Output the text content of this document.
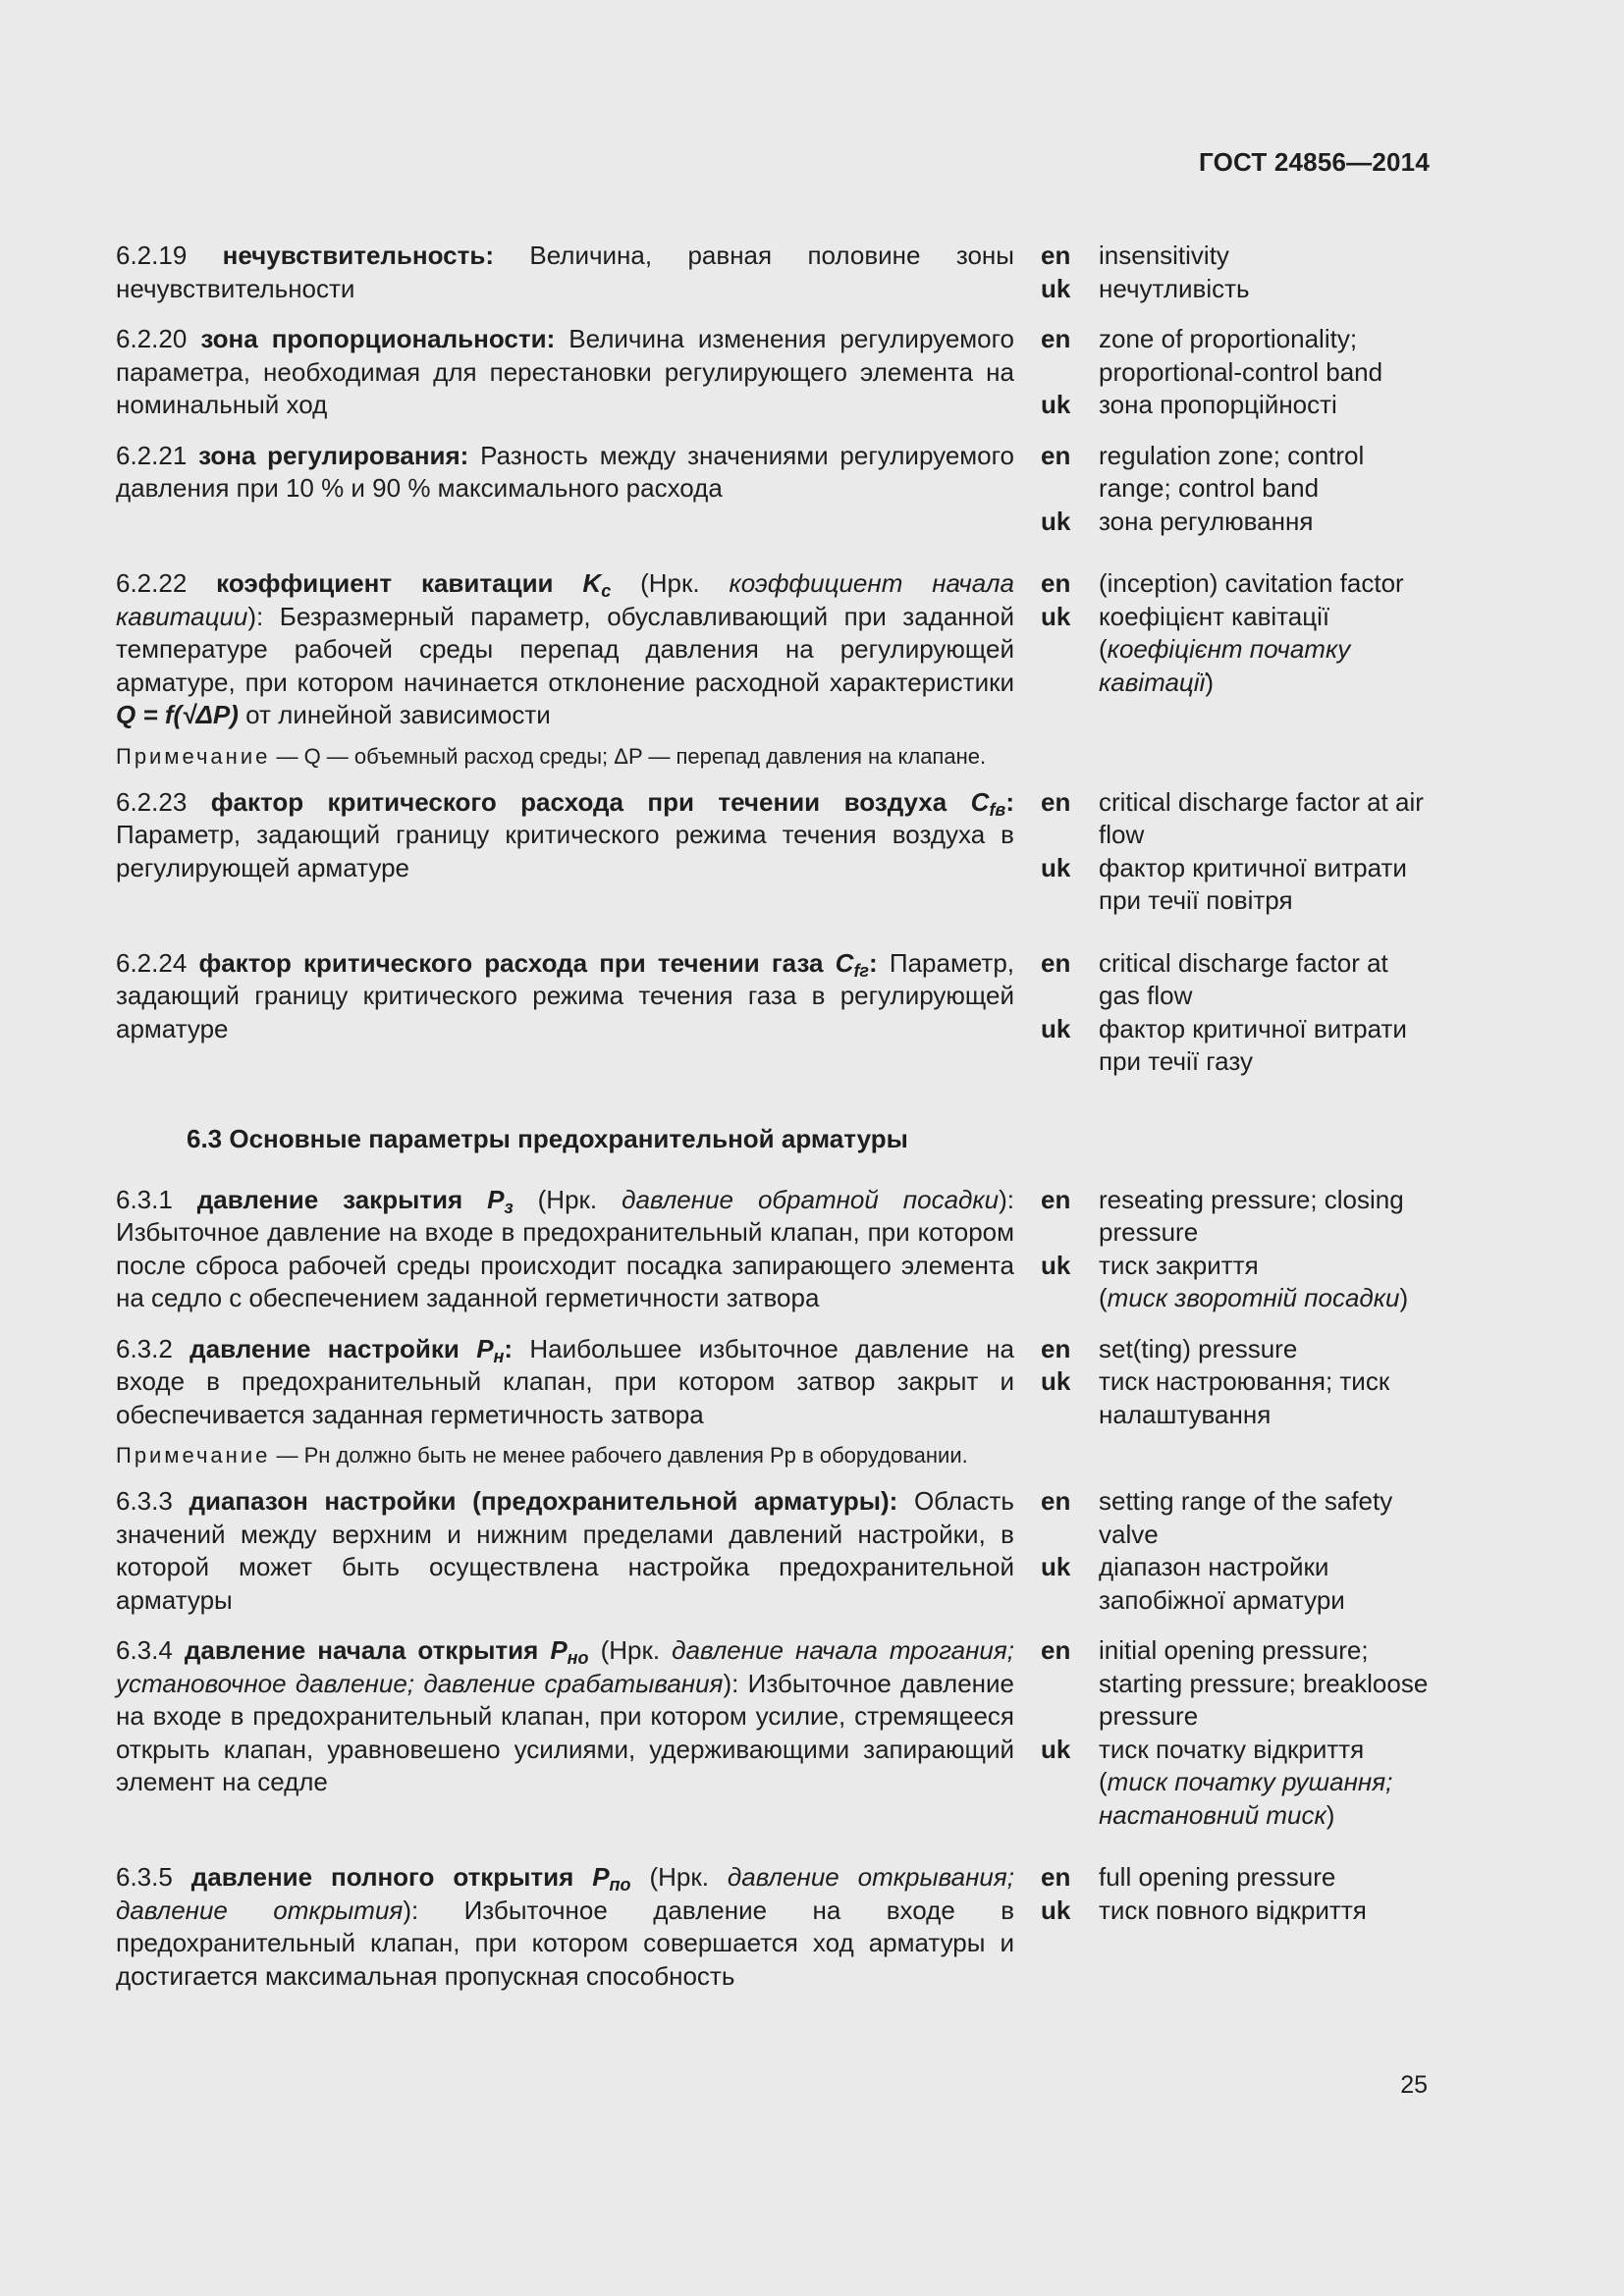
ГОСТ 24856—2014
6.2.19 нечувствительность: Величина, равная половине зоны нечувствительности
en	insensitivity
uk	нечутливість
6.2.20 зона пропорциональности: Величина изменения регулируемого параметра, необходимая для перестановки регулирующего элемента на номинальный ход
en	zone of proportionality; proportional-control band
uk	зона пропорційності
6.2.21 зона регулирования: Разность между значениями регулируемого давления при 10 % и 90 % максимального расхода
en	regulation zone; control range; control band
uk	зона регулювання
6.2.22 коэффициент кавитации $K_c$ (Нрк. коэффициент начала кавитации): Безразмерный параметр, обуславливающий при заданной температуре рабочей среды перепад давления на регулирующей арматуре, при котором начинается отклонение расходной характеристики Q = f(√ΔP) от линейной зависимости
en	(inception) cavitation factor
uk	коефіцієнт кавітації
(коефіцієнт початку кавітації)
Примечание — Q — объемный расход среды; ΔP — перепад давления на клапане.
6.2.23 фактор критического расхода при течении воздуха $C_{fв}$: Параметр, задающий границу критического режима течения воздуха в регулирующей арматуре
en	critical discharge factor at air flow
uk	фактор критичної витрати при течії повітря
6.2.24 фактор критического расхода при течении газа $C_{fг}$: Параметр, задающий границу критического режима течения газа в регулирующей арматуре
en	critical discharge factor at gas flow
uk	фактор критичної витрати при течії газу
6.3 Основные параметры предохранительной арматуры
6.3.1 давление закрытия $P_з$ (Нрк. давление обратной посадки): Избыточное давление на входе в предохранительный клапан, при котором после сброса рабочей среды происходит посадка запирающего элемента на седло с обеспечением заданной герметичности затвора
en	reseating pressure; closing pressure
uk	тиск закриття
(тиск зворотній посадки)
6.3.2 давление настройки $P_н$: Наибольшее избыточное давление на входе в предохранительный клапан, при котором затвор закрыт и обеспечивается заданная герметичность затвора
en	set(ting) pressure
uk	тиск настроювання; тиск налаштування
Примечание — Pн должно быть не менее рабочего давления Pр в оборудовании.
6.3.3 диапазон настройки (предохранительной арматуры): Область значений между верхним и нижним пределами давлений настройки, в которой может быть осуществлена настройка предохранительной арматуры
en	setting range of the safety valve
uk	діапазон настройки запобіжної арматури
6.3.4 давление начала открытия $P_{но}$ (Нрк. давление начала трогания; установочное давление; давление срабатывания): Избыточное давление на входе в предохранительный клапан, при котором усилие, стремящееся открыть клапан, уравновешено усилиями, удерживающими запирающий элемент на седле
en	initial opening pressure; starting pressure; breakloose pressure
uk	тиск початку відкриття
(тиск початку рушання; настановний тиск)
6.3.5 давление полного открытия $P_{по}$ (Нрк. давление открывания; давление открытия): Избыточное давление на входе в предохранительный клапан, при котором совершается ход арматуры и достигается максимальная пропускная способность
en	full opening pressure
uk	тиск повного відкриття
25
